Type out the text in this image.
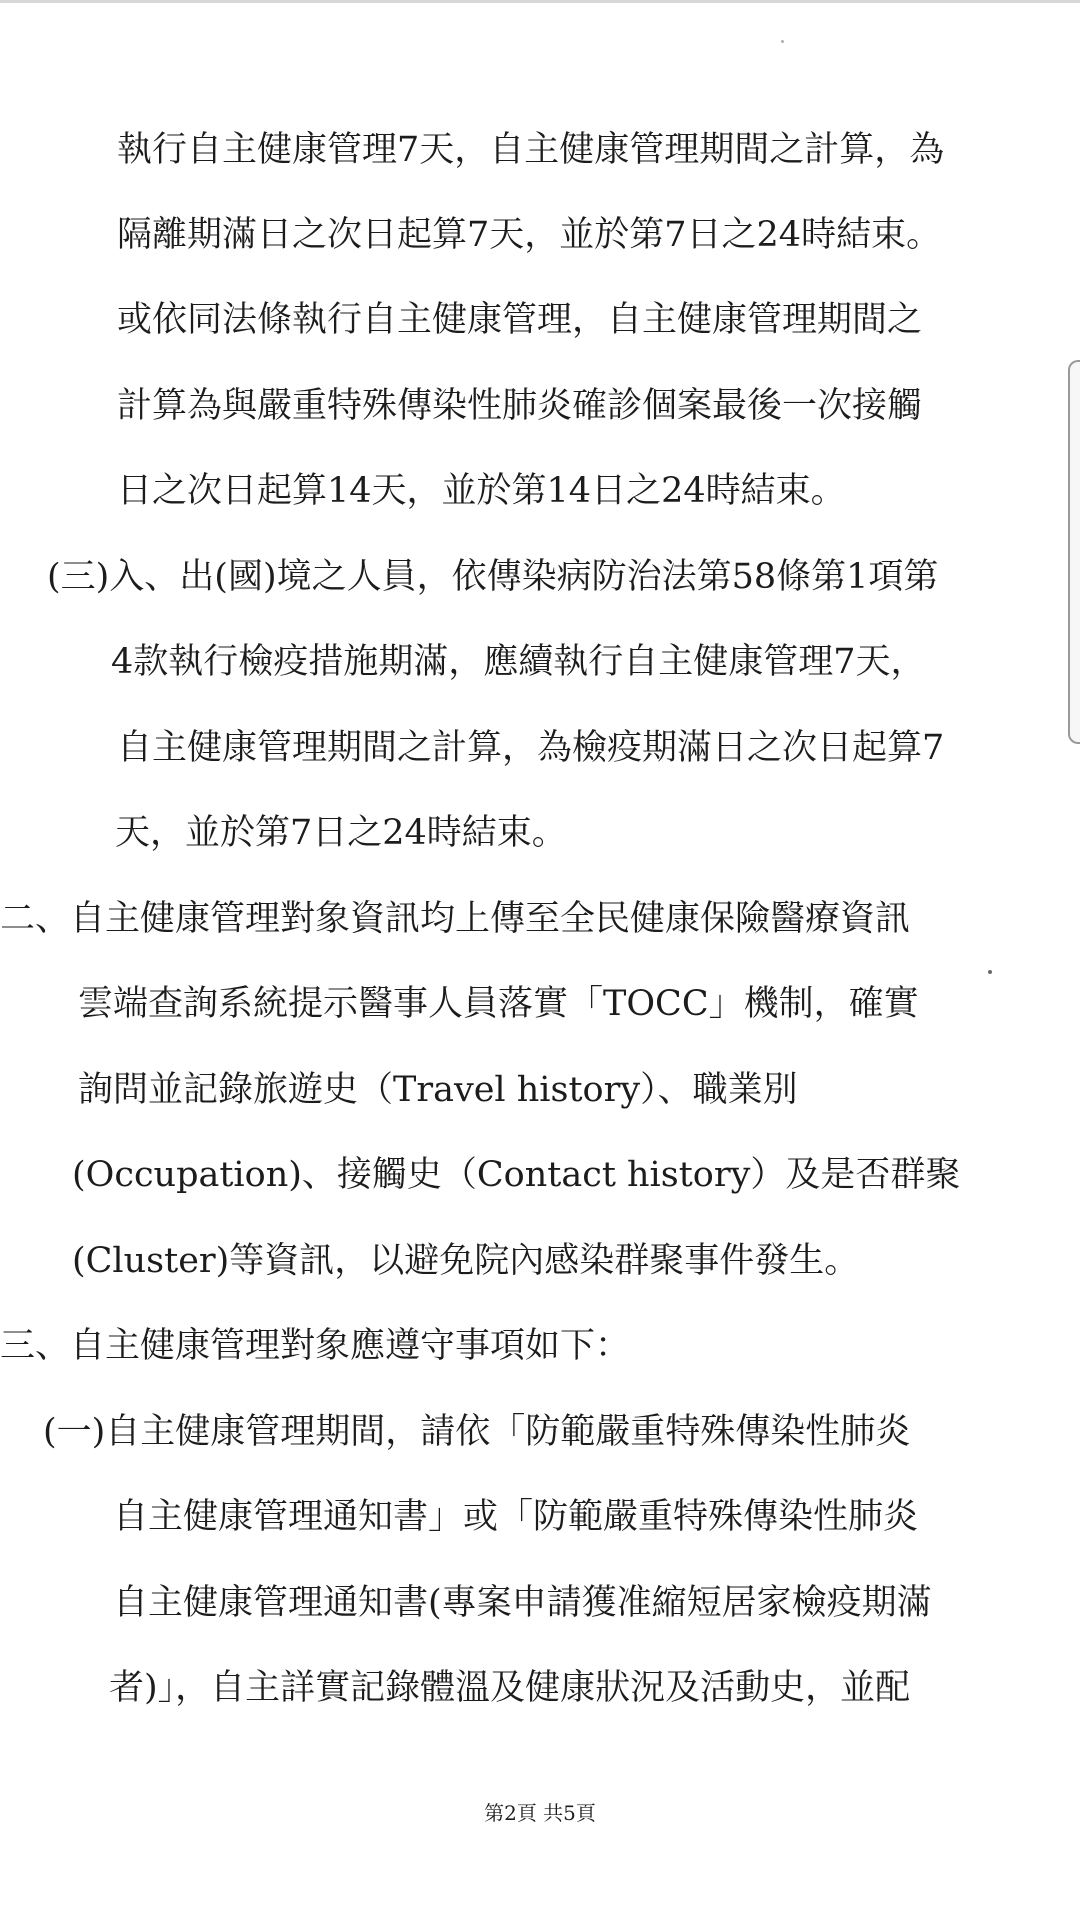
執行自主健康管理7天，自主健康管理期間之計算，為
隔離期滿日之次日起算7天，並於第7日之24時結束。
或依同法條執行自主健康管理，自主健康管理期間之
計算為與嚴重特殊傳染性肺炎確診個案最後一次接觸
日之次日起算14天，並於第14日之24時結束。
(三)入、出(國)境之人員，依傳染病防治法第58條第1項第
4款執行檢疫措施期滿，應續執行自主健康管理7天，
自主健康管理期間之計算，為檢疫期滿日之次日起算7
天，並於第7日之24時結束。
二、自主健康管理對象資訊均上傳至全民健康保險醫療資訊
雲端查詢系統提示醫事人員落實「TOCC」機制，確實
詢問並記錄旅遊史（Travel history）、職業別
(Occupation)、接觸史（Contact history）及是否群聚
(Cluster)等資訊，以避免院內感染群聚事件發生。
三、自主健康管理對象應遵守事項如下：
(一)自主健康管理期間，請依「防範嚴重特殊傳染性肺炎
自主健康管理通知書」或「防範嚴重特殊傳染性肺炎
自主健康管理通知書(專案申請獲准縮短居家檢疫期滿
者)」，自主詳實記錄體溫及健康狀況及活動史，並配
第2頁 共5頁
